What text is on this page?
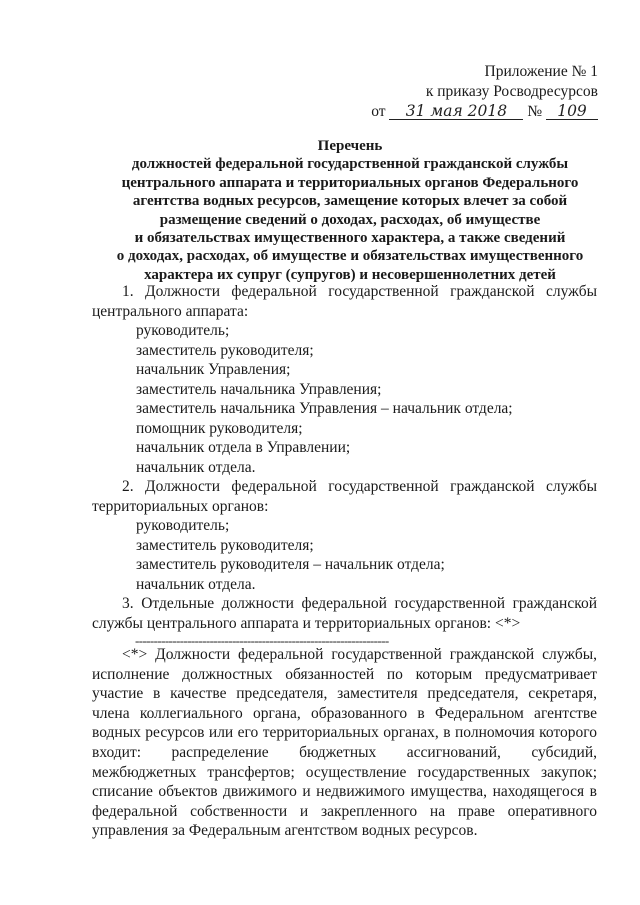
Приложение № 1
к приказу Росводресурсов
от 31 мая 2018 № 109
Перечень
должностей федеральной государственной гражданской службы
центрального аппарата и территориальных органов Федерального
агентства водных ресурсов, замещение которых влечет за собой
размещение сведений о доходах, расходах, об имуществе
и обязательствах имущественного характера, а также сведений
о доходах, расходах, об имуществе и обязательствах имущественного
характера их супруг (супругов) и несовершеннолетних детей

1. Должности федеральной государственной гражданской службы центрального аппарата:

руководитель;

заместитель руководителя;

начальник Управления;

заместитель начальника Управления;

заместитель начальника Управления – начальник отдела;

помощник руководителя;

начальник отдела в Управлении;

начальник отдела.

2. Должности федеральной государственной гражданской службы территориальных органов:

руководитель;

заместитель руководителя;

заместитель руководителя – начальник отдела;

начальник отдела.

3. Отдельные должности федеральной государственной гражданской службы центрального аппарата и территориальных органов: <*>

--------------------------------------------------------------------

<*> Должности федеральной государственной гражданской службы, исполнение должностных обязанностей по которым предусматривает участие в качестве председателя, заместителя председателя, секретаря, члена коллегиального органа, образованного в Федеральном агентстве водных ресурсов или его территориальных органах, в полномочия которого входит: распределение бюджетных ассигнований, субсидий, межбюджетных трансфертов; осуществление государственных закупок; списание объектов движимого и недвижимого имущества, находящегося в федеральной собственности и закрепленного на праве оперативного управления за Федеральным агентством водных ресурсов.
